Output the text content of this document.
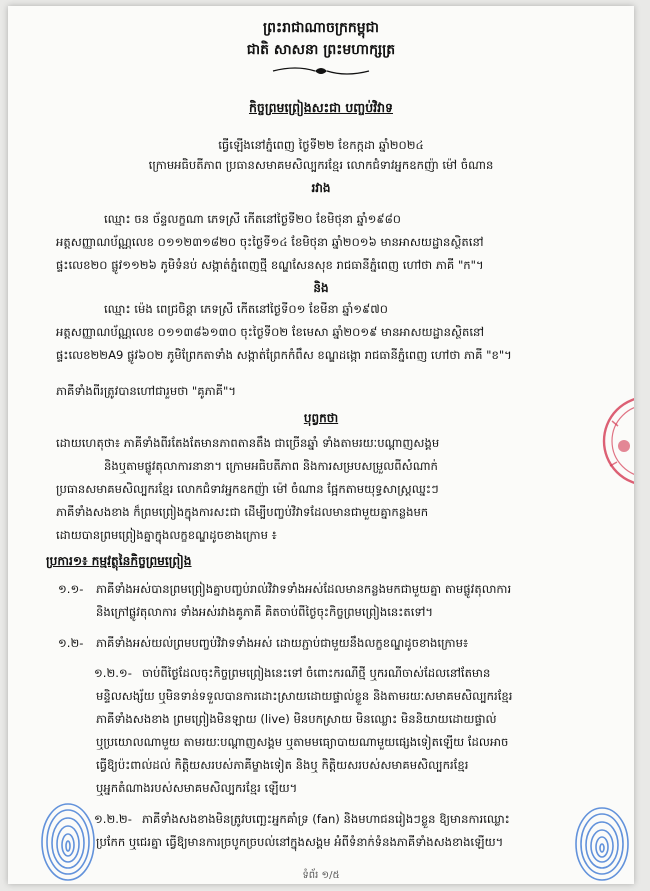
ព្រះរាជាណាចក្រកម្ពុជា
ជាតិ សាសនា ព្រះមហាក្សត្រ
កិច្ចព្រមព្រៀងសះជា បញ្ចប់វិវាទ
ធ្វើឡើងនៅភ្នំពេញ ថ្ងៃទី២២ ខែកក្កដា ឆ្នាំ២០២៤
ក្រោមអធិបតីភាព ប្រធានសមាគមសិល្បករខ្មែរ លោកជំទាវអ្នកឧកញ៉ា ម៉ៅ ចំណាន
រវាង
ឈ្មោះ ចន ច័ន្ទលក្ខណា ភេទស្រី កើតនៅថ្ងៃទី២០ ខែមិថុនា ឆ្នាំ១៩៨០
អត្តសញ្ញាណប័ណ្ណលេខ ០១១២៣១៨២០ ចុះថ្ងៃទី១៤ ខែមិថុនា ឆ្នាំ២០១៦ មានអាសយដ្ឋានស្ថិតនៅ
ផ្ទះលេខ២០ ផ្លូវ១១២៦ ភូមិទំនប់ សង្កាត់ភ្នំពេញថ្មី ខណ្ឌសែនសុខ រាជធានីភ្នំពេញ ហៅថា ភាគី "ក"។
និង
ឈ្មោះ ម៉េង ពេជ្រចិន្តា ភេទស្រី កើតនៅថ្ងៃទី០១ ខែមីនា ឆ្នាំ១៩៧០
អត្តសញ្ញាណប័ណ្ណលេខ ០១១៣៨៦១៣០ ចុះថ្ងៃទី០២ ខែមេសា ឆ្នាំ២០១៩ មានអាសយដ្ឋានស្ថិតនៅ
ផ្ទះលេខ២២A9 ផ្លូវ៦០២ ភូមិព្រែកតាទាំង សង្កាត់ព្រែកកំពឹស ខណ្ឌដង្កោ រាជធានីភ្នំពេញ ហៅថា ភាគី "ខ"។
ភាគីទាំងពីរត្រូវបានហៅជារួមថា "គូភាគី"។
បុព្វកថា
ដោយហេតុថា៖ ភាគីទាំងពីរតែងតែមានភាពតានតឹង ជាច្រើនឆ្នាំ ទាំងតាមរយៈបណ្តាញសង្គម
និងឬតាមផ្លូវតុលាការនានា។ ក្រោមអធិបតីភាព និងការសម្របសម្រួលពីសំណាក់
ប្រធានសមាគមសិល្បករខ្មែរ លោកជំទាវអ្នកឧកញ៉ា ម៉ៅ ចំណាន ផ្អែកតាមយុទ្ធសាស្ត្រឈ្នះៗ
ភាគីទាំងសងខាង ក៏ព្រមព្រៀងក្នុងការសះជា ដើម្បីបញ្ចប់វិវាទដែលមានជាមួយគ្នាកន្លងមក
ដោយបានព្រមព្រៀងគ្នាក្នុងលក្ខខណ្ឌដូចខាងក្រោម ៖
ប្រការ១៖ កម្មវត្ថុនៃកិច្ចព្រមព្រៀង
១.១- ភាគីទាំងអស់បានព្រមព្រៀងគ្នាបញ្ចប់រាល់វិវាទទាំងអស់ដែលមានកន្លងមកជាមួយគ្នា តាមផ្លូវតុលាការ
និងក្រៅផ្លូវតុលាការ ទាំងអស់រវាងគូភាគី គិតចាប់ពីថ្ងៃចុះកិច្ចព្រមព្រៀងនេះតទៅ។
១.២- ភាគីទាំងអស់យល់ព្រមបញ្ចប់វិវាទទាំងអស់ ដោយភ្ជាប់ជាមួយនឹងលក្ខខណ្ឌដូចខាងក្រោម៖
១.២.១- ចាប់ពីថ្ងៃដែលចុះកិច្ចព្រមព្រៀងនេះទៅ ចំពោះករណីថ្មី ឬករណីចាស់ដែលនៅតែមាន
មន្ទិលសង្ស័យ ឬមិនទាន់ទទួលបានការដោះស្រាយដោយផ្ទាល់ខ្លួន និងតាមរយៈសមាគមសិល្បករខ្មែរ
ភាគីទាំងសងខាង ព្រមព្រៀងមិនឡាយ (live) មិនបកស្រាយ មិនឈ្លោះ មិននិយាយដោយផ្ទាល់
ឬប្រយោលណាមួយ តាមរយៈបណ្តាញសង្គម ឬតាមមធ្យោបាយណាមួយផ្សេងទៀតឡើយ ដែលអាច
ធ្វើឱ្យប៉ះពាល់ដល់ កិត្តិយសរបស់ភាគីម្ខាងទៀត និងឬ កិត្តិយសរបស់សមាគមសិល្បករខ្មែរ
ឬអ្នកតំណាងរបស់សមាគមសិល្បករខ្មែរ ឡើយ។
១.២.២- ភាគីទាំងសងខាងមិនត្រូវបញ្ឆេះអ្នកគាំទ្រ (fan) និងមហាជនរៀងៗខ្លួន ឱ្យមានការឈ្លោះ
ប្រកែក ឬជេរគ្នា ធ្វើឱ្យមានការច្របូកច្របល់នៅក្នុងសង្គម អំពីទំនាក់ទំនងភាគីទាំងសងខាងឡើយ។
ទំព័រ ១/៥
